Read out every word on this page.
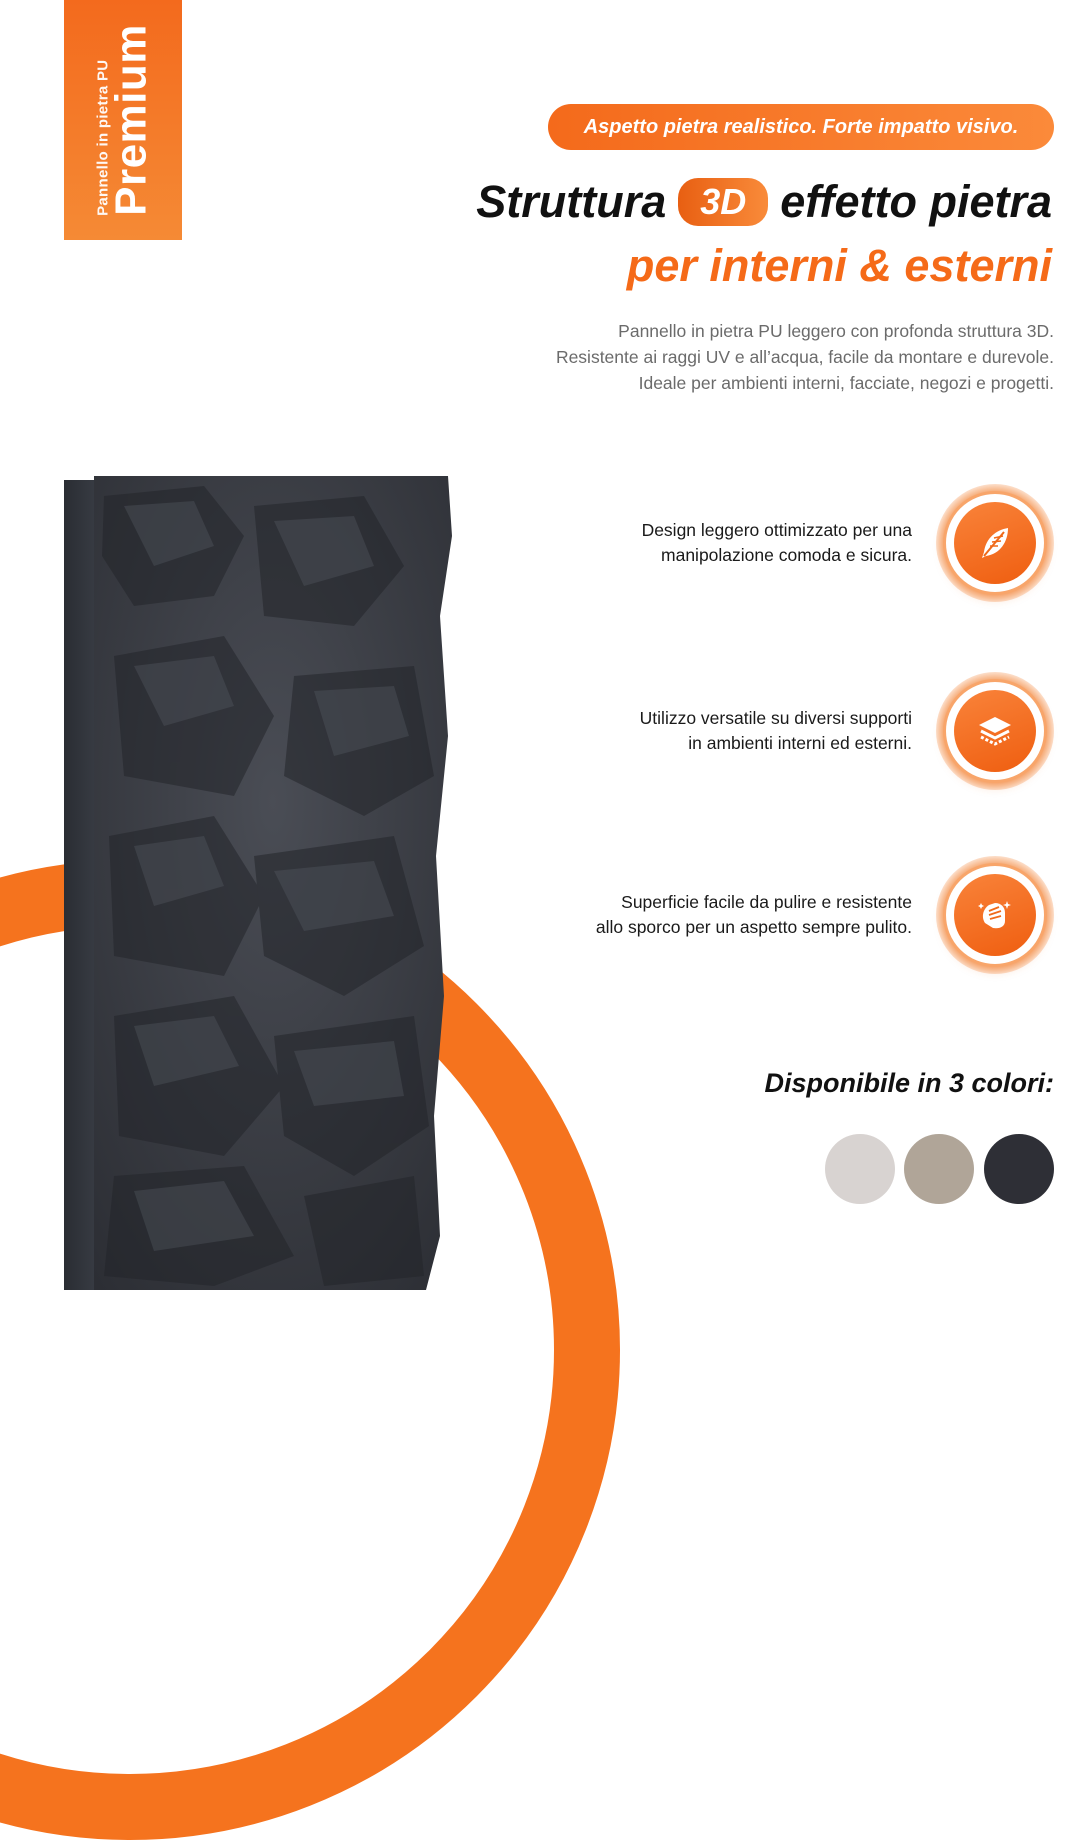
Pannello in pietra PU
Premium	Aspetto pietra realistico. Forte impatto visivo.
Struttura 3D effetto pietra
per interni & esterni
Pannello in pietra PU leggero con profonda struttura 3D.
Resistente ai raggi UV e all’acqua, facile da montare e durevole.
Ideale per ambienti interni, facciate, negozi e progetti.
Design leggero ottimizzato per una
manipolazione comoda e sicura.
Utilizzo versatile su diversi supporti
in ambienti interni ed esterni.
Superficie facile da pulire e resistente
allo sporco per un aspetto sempre pulito.
Disponibile in 3 colori:
